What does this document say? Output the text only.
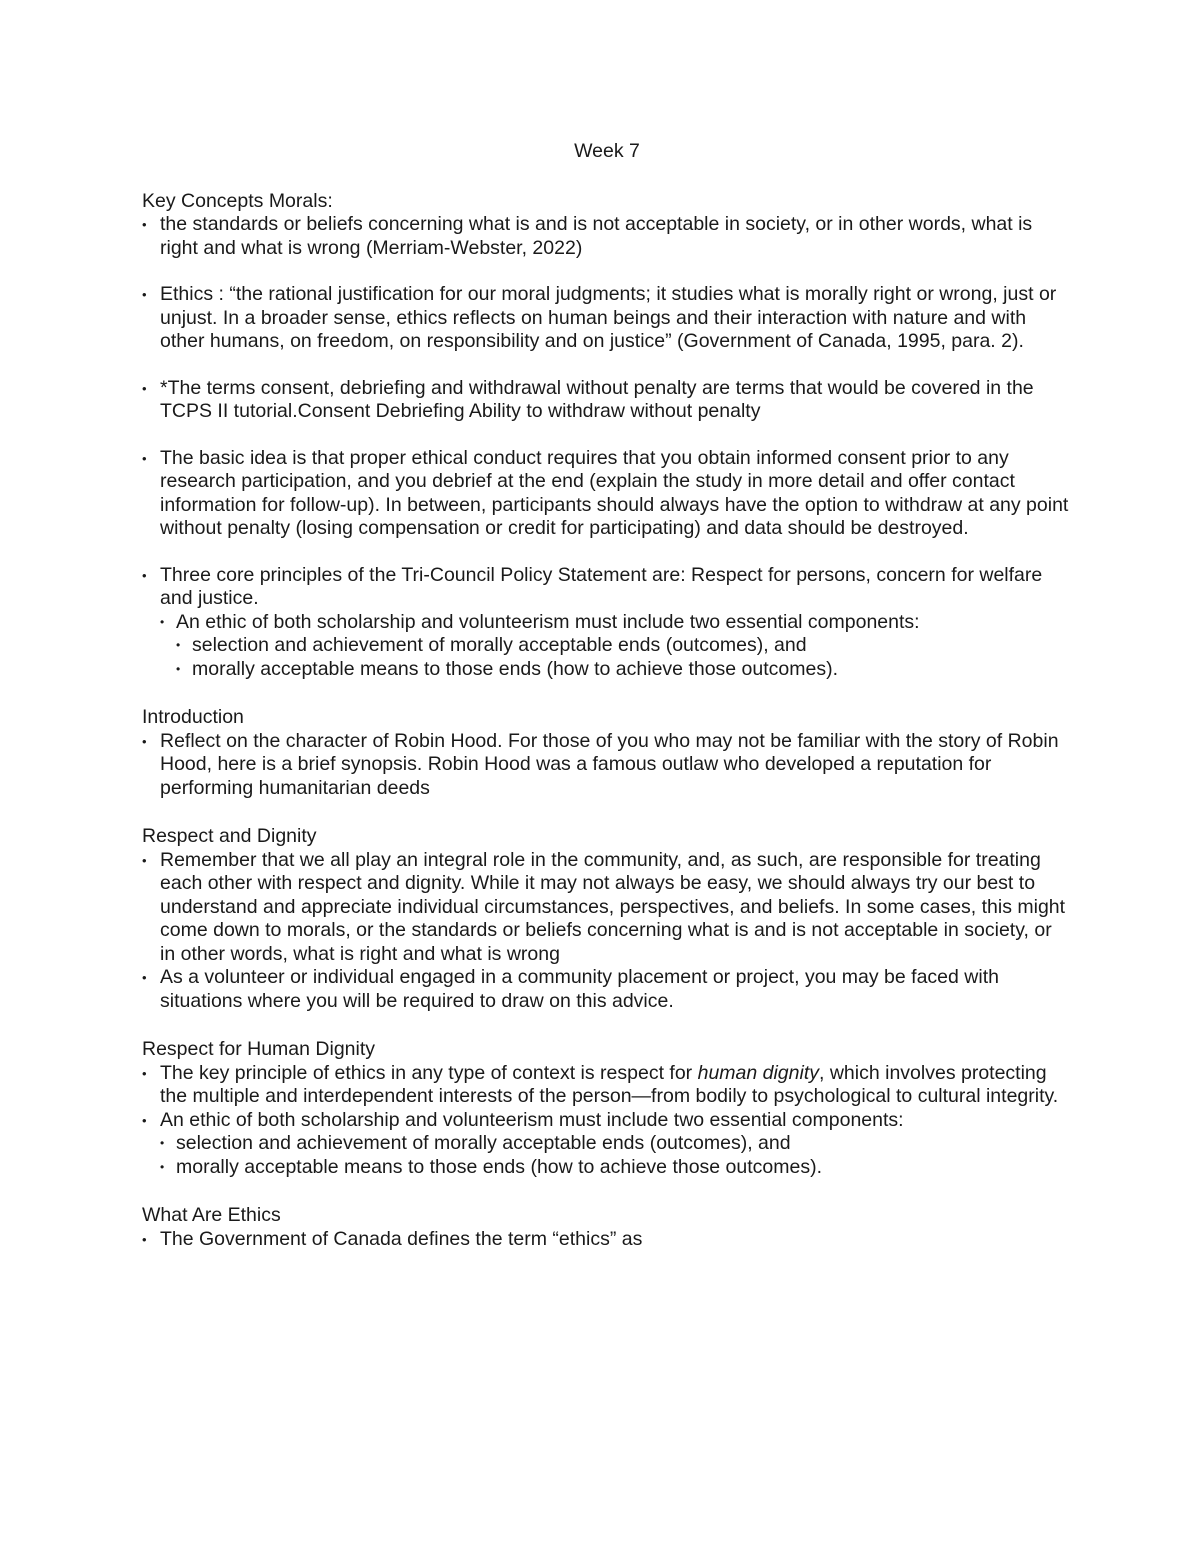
Week 7
Key Concepts Morals:
• the standards or beliefs concerning what is and is not acceptable in society, or in other words, what is right and what is wrong (Merriam-Webster, 2022)
• Ethics : “the rational justification for our moral judgments; it studies what is morally right or wrong, just or unjust. In a broader sense, ethics reflects on human beings and their interaction with nature and with other humans, on freedom, on responsibility and on justice” (Government of Canada, 1995, para. 2).
• *The terms consent, debriefing and withdrawal without penalty are terms that would be covered in the TCPS II tutorial.Consent Debriefing Ability to withdraw without penalty
• The basic idea is that proper ethical conduct requires that you obtain informed consent prior to any research participation, and you debrief at the end (explain the study in more detail and offer contact information for follow-up). In between, participants should always have the option to withdraw at any point without penalty (losing compensation or credit for participating) and data should be destroyed.
• Three core principles of the Tri-Council Policy Statement are: Respect for persons, concern for welfare and justice.
• An ethic of both scholarship and volunteerism must include two essential components:
• selection and achievement of morally acceptable ends (outcomes), and
• morally acceptable means to those ends (how to achieve those outcomes).
Introduction
• Reflect on the character of Robin Hood. For those of you who may not be familiar with the story of Robin Hood, here is a brief synopsis. Robin Hood was a famous outlaw who developed a reputation for performing humanitarian deeds
Respect and Dignity
• Remember that we all play an integral role in the community, and, as such, are responsible for treating each other with respect and dignity. While it may not always be easy, we should always try our best to understand and appreciate individual circumstances, perspectives, and beliefs. In some cases, this might come down to morals, or the standards or beliefs concerning what is and is not acceptable in society, or in other words, what is right and what is wrong
• As a volunteer or individual engaged in a community placement or project, you may be faced with situations where you will be required to draw on this advice.
Respect for Human Dignity
• The key principle of ethics in any type of context is respect for human dignity, which involves protecting the multiple and interdependent interests of the person—from bodily to psychological to cultural integrity.
• An ethic of both scholarship and volunteerism must include two essential components:
• selection and achievement of morally acceptable ends (outcomes), and
• morally acceptable means to those ends (how to achieve those outcomes).
What Are Ethics
• The Government of Canada defines the term “ethics” as
